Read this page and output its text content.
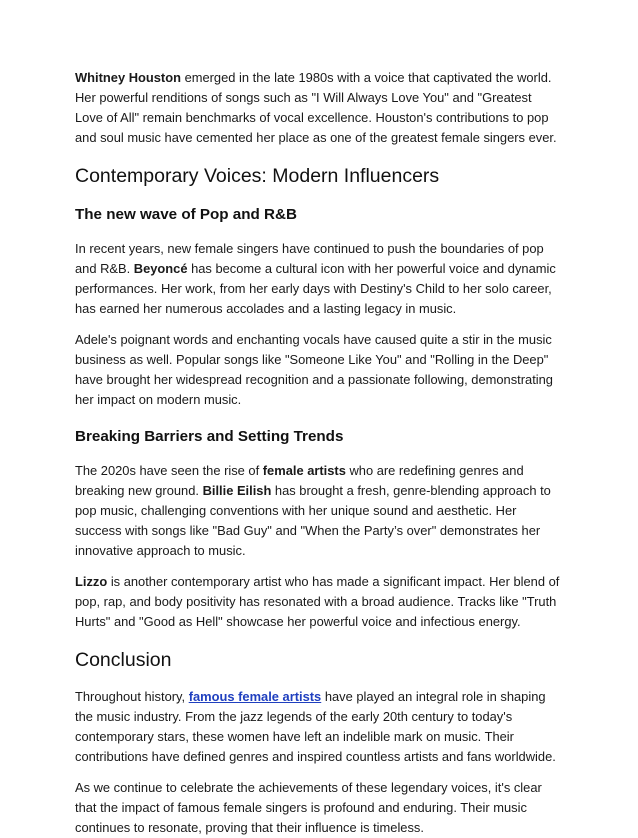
Whitney Houston emerged in the late 1980s with a voice that captivated the world. Her powerful renditions of songs such as "I Will Always Love You" and "Greatest Love of All" remain benchmarks of vocal excellence. Houston's contributions to pop and soul music have cemented her place as one of the greatest female singers ever.

Contemporary Voices: Modern Influencers
The new wave of Pop and R&B

In recent years, new female singers have continued to push the boundaries of pop and R&B. Beyoncé has become a cultural icon with her powerful voice and dynamic performances. Her work, from her early days with Destiny's Child to her solo career, has earned her numerous accolades and a lasting legacy in music.

Adele's poignant words and enchanting vocals have caused quite a stir in the music business as well. Popular songs like "Someone Like You" and "Rolling in the Deep" have brought her widespread recognition and a passionate following, demonstrating her impact on modern music.

Breaking Barriers and Setting Trends

The 2020s have seen the rise of female artists who are redefining genres and breaking new ground. Billie Eilish has brought a fresh, genre-blending approach to pop music, challenging conventions with her unique sound and aesthetic. Her success with songs like "Bad Guy" and "When the Party’s over" demonstrates her innovative approach to music.

Lizzo is another contemporary artist who has made a significant impact. Her blend of pop, rap, and body positivity has resonated with a broad audience. Tracks like "Truth Hurts" and "Good as Hell" showcase her powerful voice and infectious energy.

Conclusion

Throughout history, famous female artists have played an integral role in shaping the music industry. From the jazz legends of the early 20th century to today's contemporary stars, these women have left an indelible mark on music. Their contributions have defined genres and inspired countless artists and fans worldwide.

As we continue to celebrate the achievements of these legendary voices, it's clear that the impact of famous female singers is profound and enduring. Their music continues to resonate, proving that their influence is timeless.
